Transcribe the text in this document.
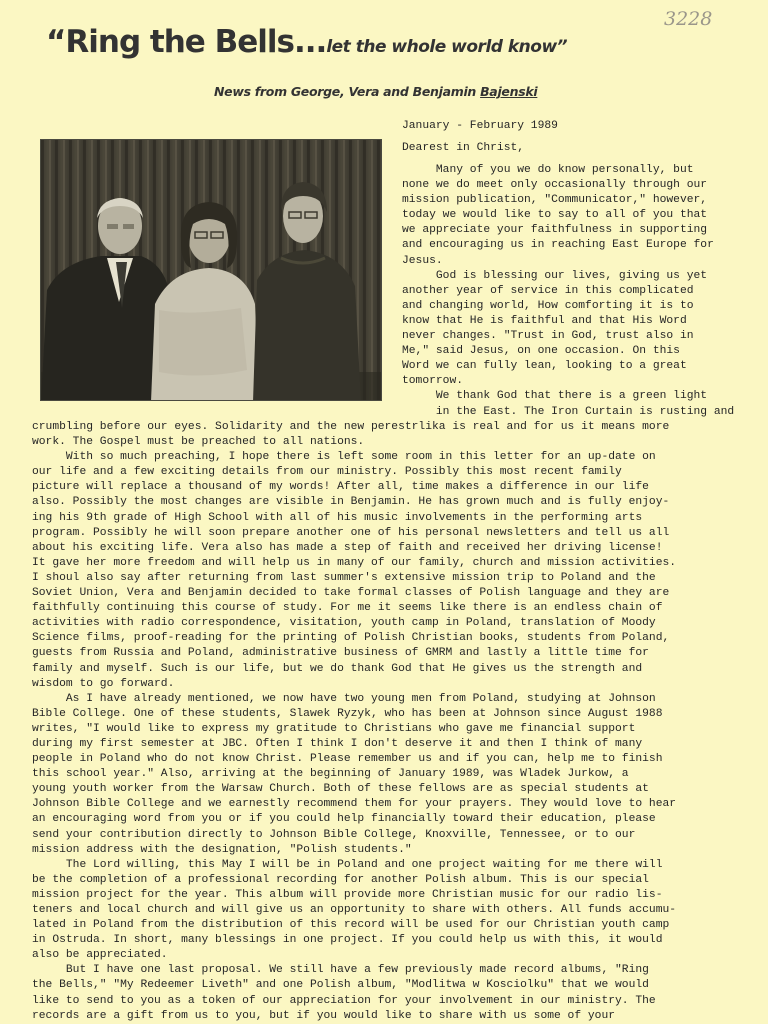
3228
“Ring the Bells...let the whole world know”
News from George, Vera and Benjamin Bajenski

January - February 1989

Dearest in Christ,

Many of you we do know personally, but
none we do meet only occasionally through our
mission publication, "Communicator," however,
today we would like to say to all of you that
we appreciate your faithfulness in supporting
and encouraging us in reaching East Europe for
Jesus.
God is blessing our lives, giving us yet
another year of service in this complicated
and changing world, How comforting it is to
know that He is faithful and that His Word
never changes. "Trust in God, trust also in
Me," said Jesus, on one occasion. On this
Word we can fully lean, looking to a great
tomorrow.
We thank God that there is a green light
in the East. The Iron Curtain is rusting and
crumbling before our eyes. Solidarity and the new perestrlika is real and for us it means more
work. The Gospel must be preached to all nations.
With so much preaching, I hope there is left some room in this letter for an up-date on
our life and a few exciting details from our ministry. Possibly this most recent family
picture will replace a thousand of my words! After all, time makes a difference in our life
also. Possibly the most changes are visible in Benjamin. He has grown much and is fully enjoy-
ing his 9th grade of High School with all of his music involvements in the performing arts
program. Possibly he will soon prepare another one of his personal newsletters and tell us all
about his exciting life. Vera also has made a step of faith and received her driving license!
It gave her more freedom and will help us in many of our family, church and mission activities.
I shoul also say after returning from last summer's extensive mission trip to Poland and the
Soviet Union, Vera and Benjamin decided to take formal classes of Polish language and they are
faithfully continuing this course of study. For me it seems like there is an endless chain of
activities with radio correspondence, visitation, youth camp in Poland, translation of Moody
Science films, proof-reading for the printing of Polish Christian books, students from Poland,
guests from Russia and Poland, administrative business of GMRM and lastly a little time for
family and myself. Such is our life, but we do thank God that He gives us the strength and
wisdom to go forward.
As I have already mentioned, we now have two young men from Poland, studying at Johnson
Bible College. One of these students, Slawek Ryzyk, who has been at Johnson since August 1988
writes, "I would like to express my gratitude to Christians who gave me financial support
during my first semester at JBC. Often I think I don't deserve it and then I think of many
people in Poland who do not know Christ. Please remember us and if you can, help me to finish
this school year." Also, arriving at the beginning of January 1989, was Wladek Jurkow, a
young youth worker from the Warsaw Church. Both of these fellows are as special students at
Johnson Bible College and we earnestly recommend them for your prayers. They would love to hear
an encouraging word from you or if you could help financially toward their education, please
send your contribution directly to Johnson Bible College, Knoxville, Tennessee, or to our
mission address with the designation, "Polish students."
The Lord willing, this May I will be in Poland and one project waiting for me there will
be the completion of a professional recording for another Polish album. This is our special
mission project for the year. This album will provide more Christian music for our radio lis-
teners and local church and will give us an opportunity to share with others. All funds accumu-
lated in Poland from the distribution of this record will be used for our Christian youth camp
in Ostruda. In short, many blessings in one project. If you could help us with this, it would
also be appreciated.
But I have one last proposal. We still have a few previously made record albums, "Ring
the Bells," "My Redeemer Liveth" and one Polish album, "Modlitwa w Kosciolku" that we would
like to send to you as a token of our appreciation for your involvement in our ministry. The
records are a gift from us to you, but if you would like to share with us some of your
